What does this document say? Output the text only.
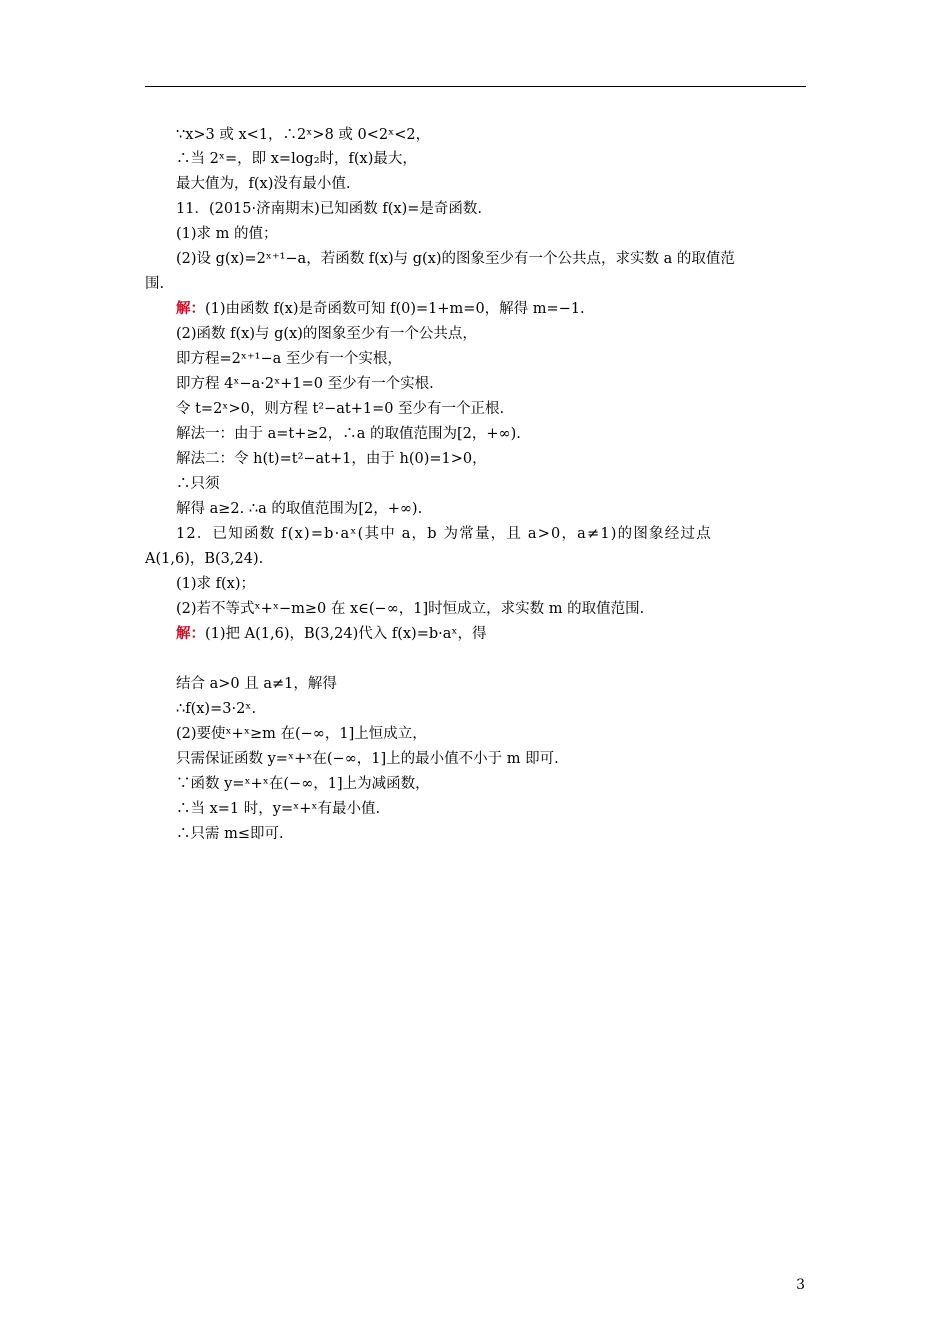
∵x>3 或 x<1，∴2ˣ>8 或 0<2ˣ<2，
∴当 2ˣ=，即 x=log₂时，f(x)最大，
最大值为，f(x)没有最小值.
11．(2015·济南期末)已知函数 f(x)=是奇函数.
(1)求 m 的值；
(2)设 g(x)=2ˣ⁺¹−a，若函数 f(x)与 g(x)的图象至少有一个公共点，求实数 a 的取值范
围.
解：(1)由函数 f(x)是奇函数可知 f(0)=1+m=0，解得 m=−1.
(2)函数 f(x)与 g(x)的图象至少有一个公共点，
即方程=2ˣ⁺¹−a 至少有一个实根，
即方程 4ˣ−a·2ˣ+1=0 至少有一个实根.
令 t=2ˣ>0，则方程 t²−at+1=0 至少有一个正根.
解法一：由于 a=t+≥2，∴a 的取值范围为[2，+∞).
解法二：令 h(t)=t²−at+1，由于 h(0)=1>0，
∴只须
解得 a≥2. ∴a 的取值范围为[2，+∞).
12．已知函数 f(x)=b·aˣ(其中 a，b 为常量，且 a>0，a≠1)的图象经过点
A(1,6)，B(3,24).
(1)求 f(x)；
(2)若不等式ˣ+ˣ−m≥0 在 x∈(−∞，1]时恒成立，求实数 m 的取值范围.
解：(1)把 A(1,6)，B(3,24)代入 f(x)=b·aˣ，得
结合 a>0 且 a≠1，解得
∴f(x)=3·2ˣ.
(2)要使ˣ+ˣ≥m 在(−∞，1]上恒成立，
只需保证函数 y=ˣ+ˣ在(−∞，1]上的最小值不小于 m 即可.
∵函数 y=ˣ+ˣ在(−∞，1]上为减函数，
∴当 x=1 时，y=ˣ+ˣ有最小值.
∴只需 m≤即可.
3
